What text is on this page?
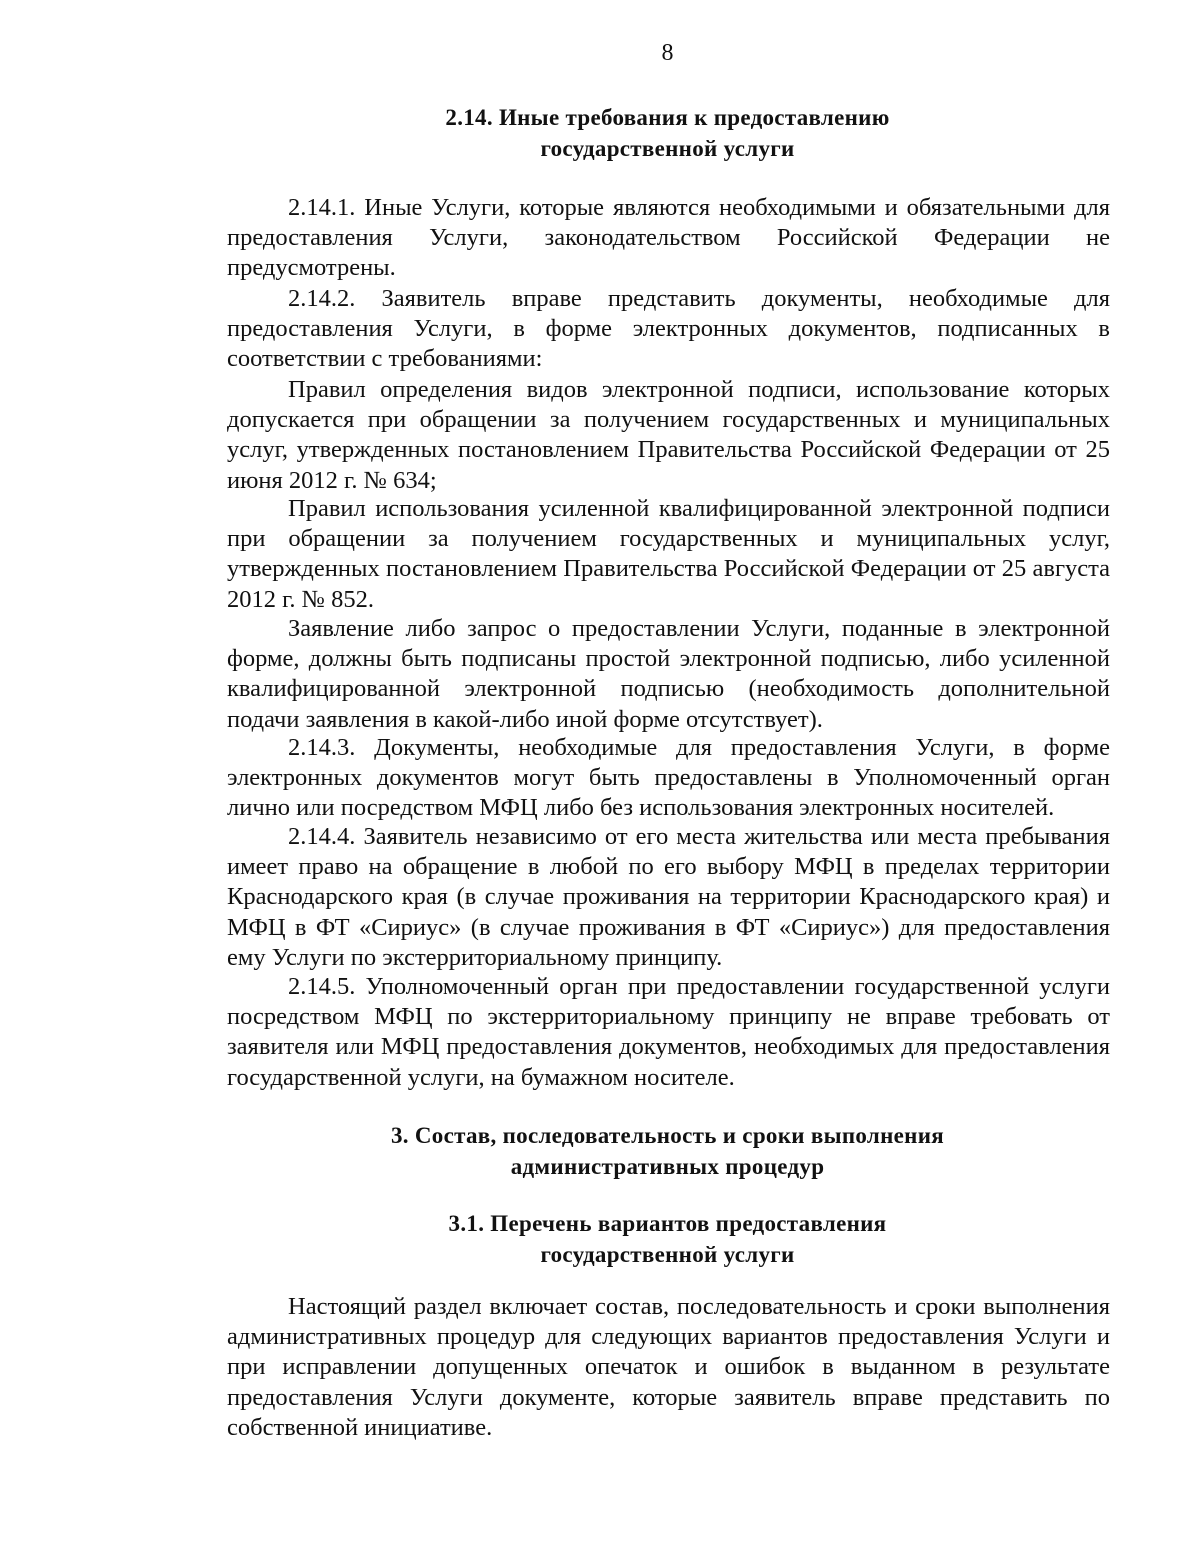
8
2.14. Иные требования к предоставлению
государственной услуги

2.14.1. Иные Услуги, которые являются необходимыми и обязательными для предоставления Услуги, законодательством Российской Федерации не предусмотрены.

2.14.2. Заявитель вправе представить документы, необходимые для предоставления Услуги, в форме электронных документов, подписанных в соответствии с требованиями:

Правил определения видов электронной подписи, использование которых допускается при обращении за получением государственных и муниципальных услуг, утвержденных постановлением Правительства Российской Федерации от 25 июня 2012 г. № 634;

Правил использования усиленной квалифицированной электронной подписи при обращении за получением государственных и муниципальных услуг, утвержденных постановлением Правительства Российской Федерации от 25 августа 2012 г. № 852.

Заявление либо запрос о предоставлении Услуги, поданные в электронной форме, должны быть подписаны простой электронной подписью, либо усиленной квалифицированной электронной подписью (необходимость дополнительной подачи заявления в какой-либо иной форме отсутствует).

2.14.3. Документы, необходимые для предоставления Услуги, в форме электронных документов могут быть предоставлены в Уполномоченный орган лично или посредством МФЦ либо без использования электронных носителей.

2.14.4. Заявитель независимо от его места жительства или места пребывания имеет право на обращение в любой по его выбору МФЦ в пределах территории Краснодарского края (в случае проживания на территории Краснодарского края) и МФЦ в ФТ «Сириус» (в случае проживания в ФТ «Сириус») для предоставления ему Услуги по экстерриториальному принципу.

2.14.5. Уполномоченный орган при предоставлении государственной услуги посредством МФЦ по экстерриториальному принципу не вправе требовать от заявителя или МФЦ предоставления документов, необходимых для предоставления государственной услуги, на бумажном носителе.

3. Состав, последовательность и сроки выполнения
административных процедур
3.1. Перечень вариантов предоставления
государственной услуги

Настоящий раздел включает состав, последовательность и сроки выполнения административных процедур для следующих вариантов предоставления Услуги и при исправлении допущенных опечаток и ошибок в выданном в результате предоставления Услуги документе, которые заявитель вправе представить по собственной инициативе.
